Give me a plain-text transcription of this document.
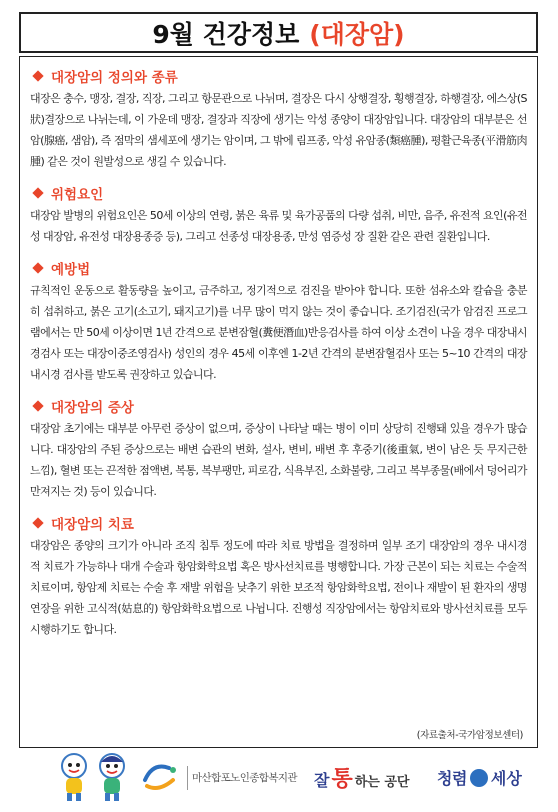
9월 건강정보 (대장암)
대장암의 정의와 종류

대장은 충수, 맹장, 결장, 직장, 그리고 항문관으로 나뉘며, 결장은 다시 상행결장, 횡행결장, 하행결장, 에스상(S狀)결장으로 나뉘는데, 이 가운데 맹장, 결장과 직장에 생기는 악성 종양이 대장암입니다. 대장암의 대부분은 선암(腺癌, 샘암), 즉 점막의 샘세포에 생기는 암이며, 그 밖에 림프종, 악성 유암종(類癌腫), 평활근육종(平滑筋肉腫) 같은 것이 원발성으로 생길 수 있습니다.

위험요인

대장암 발병의 위험요인은 50세 이상의 연령, 붉은 육류 및 육가공품의 다량 섭취, 비만, 음주, 유전적 요인(유전성 대장암, 유전성 대장용종증 등), 그리고 선종성 대장용종, 만성 염증성 장 질환 같은 관련 질환입니다.

예방법

규칙적인 운동으로 활동량을 높이고, 금주하고, 정기적으로 검진을 받아야 합니다. 또한 섬유소와 칼슘을 충분히 섭취하고, 붉은 고기(소고기, 돼지고기)를 너무 많이 먹지 않는 것이 좋습니다. 조기검진(국가 암검진 프로그램에서는 만 50세 이상이면 1년 간격으로 분변잠혈(糞便潛血)반응검사를 하여 이상 소견이 나올 경우 대장내시경검사 또는 대장이중조영검사) 성인의 경우 45세 이후엔 1-2년 간격의 분변잠혈검사 또는 5~10 간격의 대장내시경 검사를 받도록 권장하고 있습니다.

대장암의 증상

대장암 초기에는 대부분 아무런 증상이 없으며, 증상이 나타날 때는 병이 이미 상당히 진행돼 있을 경우가 많습니다. 대장암의 주된 증상으로는 배변 습관의 변화, 설사, 변비, 배변 후 후중기(後重氣, 변이 남은 듯 무지근한 느낌), 혈변 또는 끈적한 점액변, 복통, 복부팽만, 피로감, 식욕부진, 소화불량, 그리고 복부종물(배에서 덩어리가 만져지는 것) 등이 있습니다.

대장암의 치료

대장암은 종양의 크기가 아니라 조직 침투 정도에 따라 치료 방법을 결정하며 일부 조기 대장암의 경우 내시경적 치료가 가능하나 대개 수술과 항암화학요법 혹은 방사선치료를 병행합니다. 가장 근본이 되는 치료는 수술적 치료이며, 항암제 치료는 수술 후 재발 위험을 낮추기 위한 보조적 항암화학요법, 전이나 재발이 된 환자의 생명 연장을 위한 고식적(姑息的) 항암화학요법으로 나뉩니다. 진행성 직장암에서는 항암치료와 방사선치료를 모두 시행하기도 합니다.

(자료출처-국가암정보센터)
마산합포노인종합복지관 잘 통 하는 공단 청렴 세상
